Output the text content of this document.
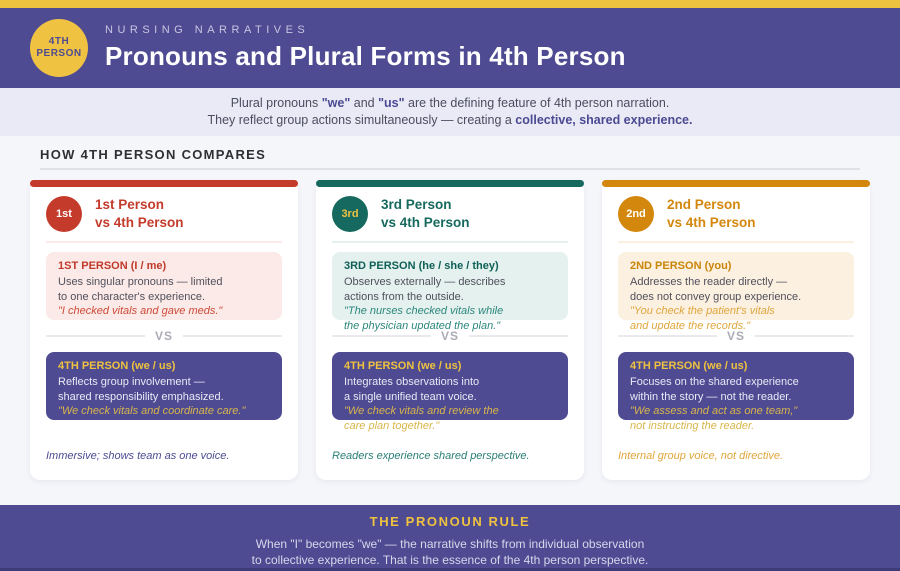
4TH
PERSON
NURSING NARRATIVES
Pronouns and Plural Forms in 4th Person
Plural pronouns "we" and "us" are the defining feature of 4th person narration.
They reflect group actions simultaneously — creating a collective, shared experience.
HOW 4TH PERSON COMPARES
1st
1st Person
vs 4th Person
1ST PERSON (I / me)
Uses singular pronouns — limited
to one character's experience.
"I checked vitals and gave meds."
VS
4TH PERSON (we / us)
Reflects group involvement —
shared responsibility emphasized.
"We check vitals and coordinate care."
Immersive; shows team as one voice.
3rd
3rd Person
vs 4th Person
3RD PERSON (he / she / they)
Observes externally — describes
actions from the outside.
"The nurses checked vitals while
the physician updated the plan."
VS
4TH PERSON (we / us)
Integrates observations into
a single unified team voice.
"We check vitals and review the
care plan together."
Readers experience shared perspective.
2nd
2nd Person
vs 4th Person
2ND PERSON (you)
Addresses the reader directly —
does not convey group experience.
"You check the patient's vitals
and update the records."
VS
4TH PERSON (we / us)
Focuses on the shared experience
within the story — not the reader.
"We assess and act as one team,"
not instructing the reader.
Internal group voice, not directive.
THE PRONOUN RULE
When "I" becomes "we" — the narrative shifts from individual observation
to collective experience. That is the essence of the 4th person perspective.
